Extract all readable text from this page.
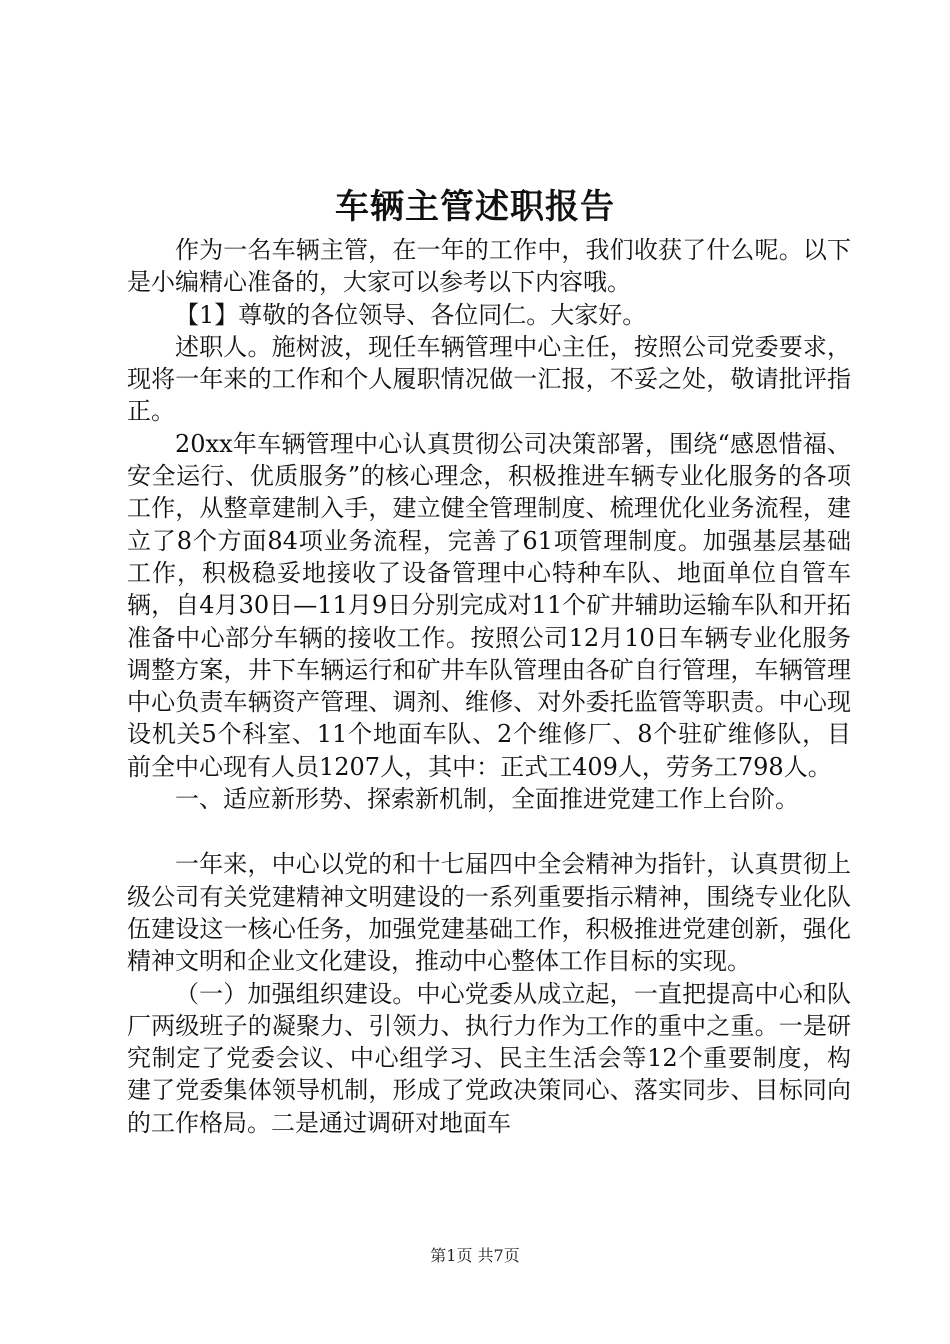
车辆主管述职报告

作为一名车辆主管，在一年的工作中，我们收获了什么呢。以下是小编精心准备的，大家可以参考以下内容哦。

【1】尊敬的各位领导、各位同仁。大家好。

述职人。施树波，现任车辆管理中心主任，按照公司党委要求，现将一年来的工作和个人履职情况做一汇报，不妥之处，敬请批评指正。

20xx年车辆管理中心认真贯彻公司决策部署，围绕“感恩惜福、安全运行、优质服务”的核心理念，积极推进车辆专业化服务的各项工作，从整章建制入手，建立健全管理制度、梳理优化业务流程，建立了8个方面84项业务流程，完善了61项管理制度。加强基层基础工作，积极稳妥地接收了设备管理中心特种车队、地面单位自管车辆，自4月30日—11月9日分别完成对11个矿井辅助运输车队和开拓准备中心部分车辆的接收工作。按照公司12月10日车辆专业化服务调整方案，井下车辆运行和矿井车队管理由各矿自行管理，车辆管理中心负责车辆资产管理、调剂、维修、对外委托监管等职责。中心现设机关5个科室、11个地面车队、2个维修厂、8个驻矿维修队，目前全中心现有人员1207人，其中：正式工409人，劳务工798人。

一、适应新形势、探索新机制，全面推进党建工作上台阶。

一年来，中心以党的和十七届四中全会精神为指针，认真贯彻上级公司有关党建精神文明建设的一系列重要指示精神，围绕专业化队伍建设这一核心任务，加强党建基础工作，积极推进党建创新，强化精神文明和企业文化建设，推动中心整体工作目标的实现。

（一）加强组织建设。中心党委从成立起，一直把提高中心和队厂两级班子的凝聚力、引领力、执行力作为工作的重中之重。一是研究制定了党委会议、中心组学习、民主生活会等12个重要制度，构建了党委集体领导机制，形成了党政决策同心、落实同步、目标同向的工作格局。二是通过调研对地面车

第1页 共7页
